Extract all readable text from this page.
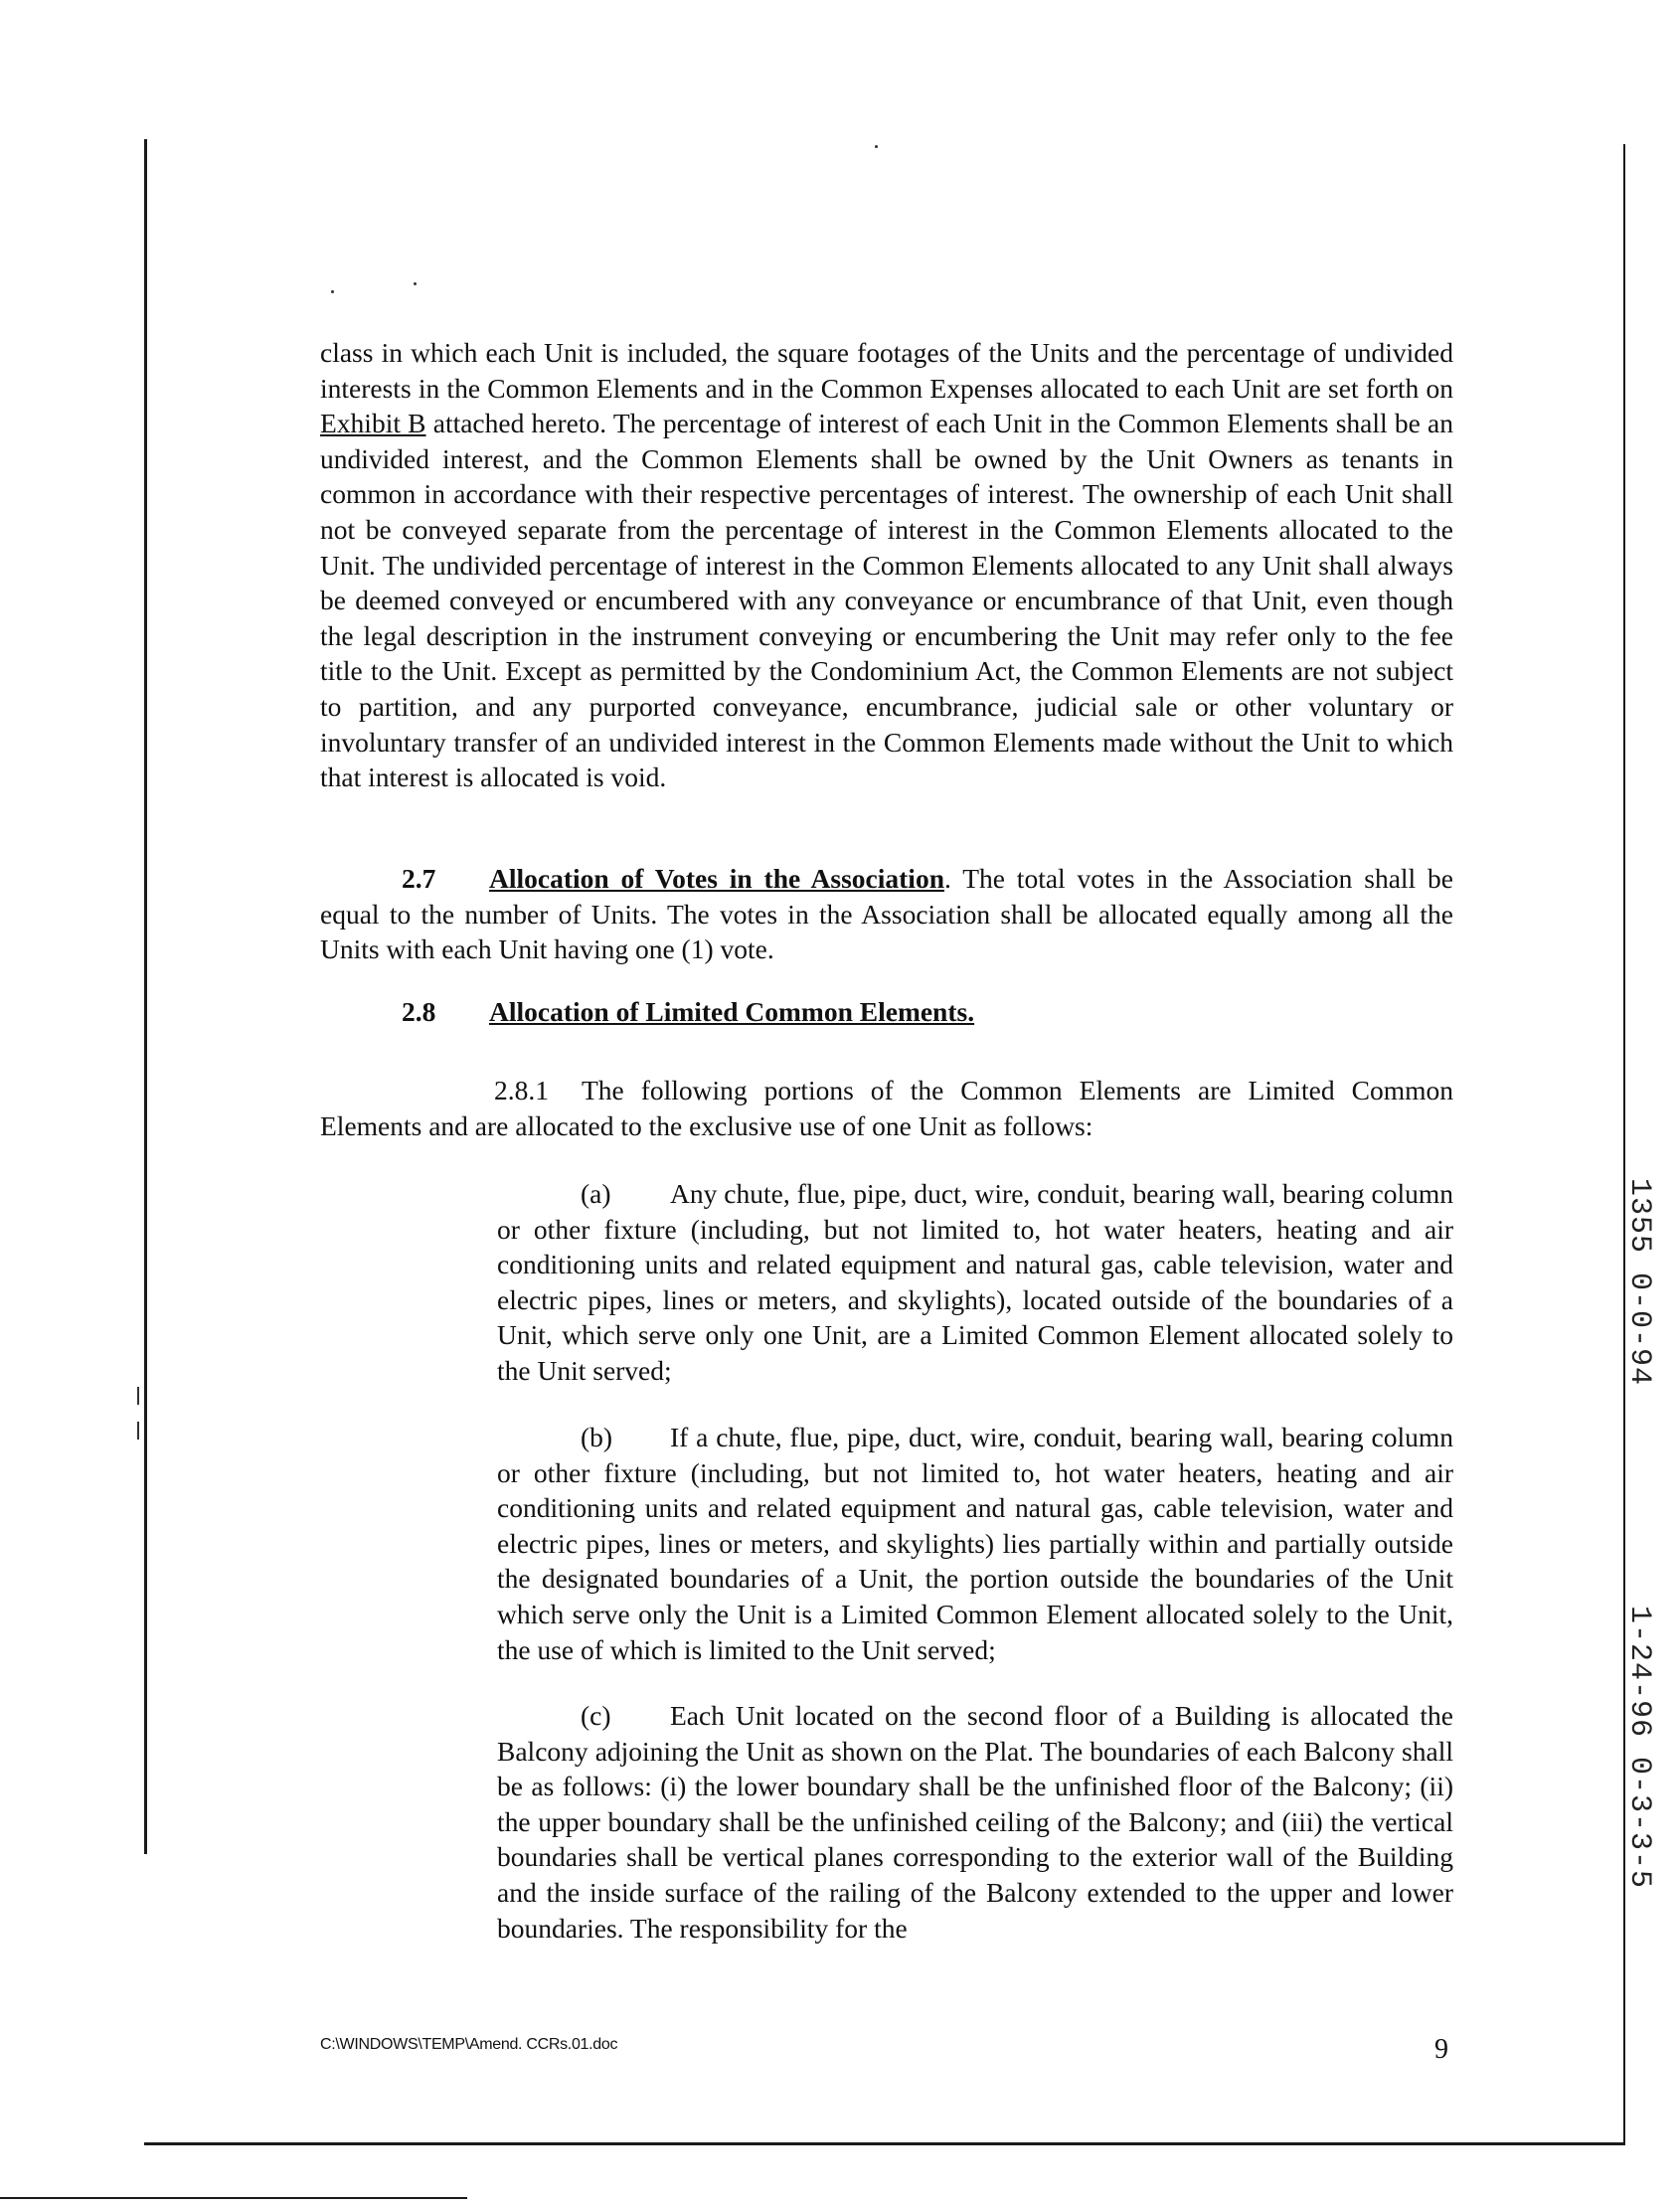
class in which each Unit is included, the square footages of the Units and the percentage of undivided interests in the Common Elements and in the Common Expenses allocated to each Unit are set forth on Exhibit B attached hereto. The percentage of interest of each Unit in the Common Elements shall be an undivided interest, and the Common Elements shall be owned by the Unit Owners as tenants in common in accordance with their respective percentages of interest. The ownership of each Unit shall not be conveyed separate from the percentage of interest in the Common Elements allocated to the Unit. The undivided percentage of interest in the Common Elements allocated to any Unit shall always be deemed conveyed or encumbered with any conveyance or encumbrance of that Unit, even though the legal description in the instrument conveying or encumbering the Unit may refer only to the fee title to the Unit. Except as permitted by the Condominium Act, the Common Elements are not subject to partition, and any purported conveyance, encumbrance, judicial sale or other voluntary or involuntary transfer of an undivided interest in the Common Elements made without the Unit to which that interest is allocated is void.

2.7 Allocation of Votes in the Association. The total votes in the Association shall be equal to the number of Units. The votes in the Association shall be allocated equally among all the Units with each Unit having one (1) vote.
2.8 Allocation of Limited Common Elements.
2.8.1 The following portions of the Common Elements are Limited Common Elements and are allocated to the exclusive use of one Unit as follows:
(a) Any chute, flue, pipe, duct, wire, conduit, bearing wall, bearing column or other fixture (including, but not limited to, hot water heaters, heating and air conditioning units and related equipment and natural gas, cable television, water and electric pipes, lines or meters, and skylights), located outside of the boundaries of a Unit, which serve only one Unit, are a Limited Common Element allocated solely to the Unit served;
(b) If a chute, flue, pipe, duct, wire, conduit, bearing wall, bearing column or other fixture (including, but not limited to, hot water heaters, heating and air conditioning units and related equipment and natural gas, cable television, water and electric pipes, lines or meters, and skylights) lies partially within and partially outside the designated boundaries of a Unit, the portion outside the boundaries of the Unit which serve only the Unit is a Limited Common Element allocated solely to the Unit, the use of which is limited to the Unit served;
(c) Each Unit located on the second floor of a Building is allocated the Balcony adjoining the Unit as shown on the Plat. The boundaries of each Balcony shall be as follows: (i) the lower boundary shall be the unfinished floor of the Balcony; (ii) the upper boundary shall be the unfinished ceiling of the Balcony; and (iii) the vertical boundaries shall be vertical planes corresponding to the exterior wall of the Building and the inside surface of the railing of the Balcony extended to the upper and lower boundaries. The responsibility for the
C:\WINDOWS\TEMP\Amend. CCRs.01.doc	9
1355 0-0-94
1-24-96 0-3-3-5
